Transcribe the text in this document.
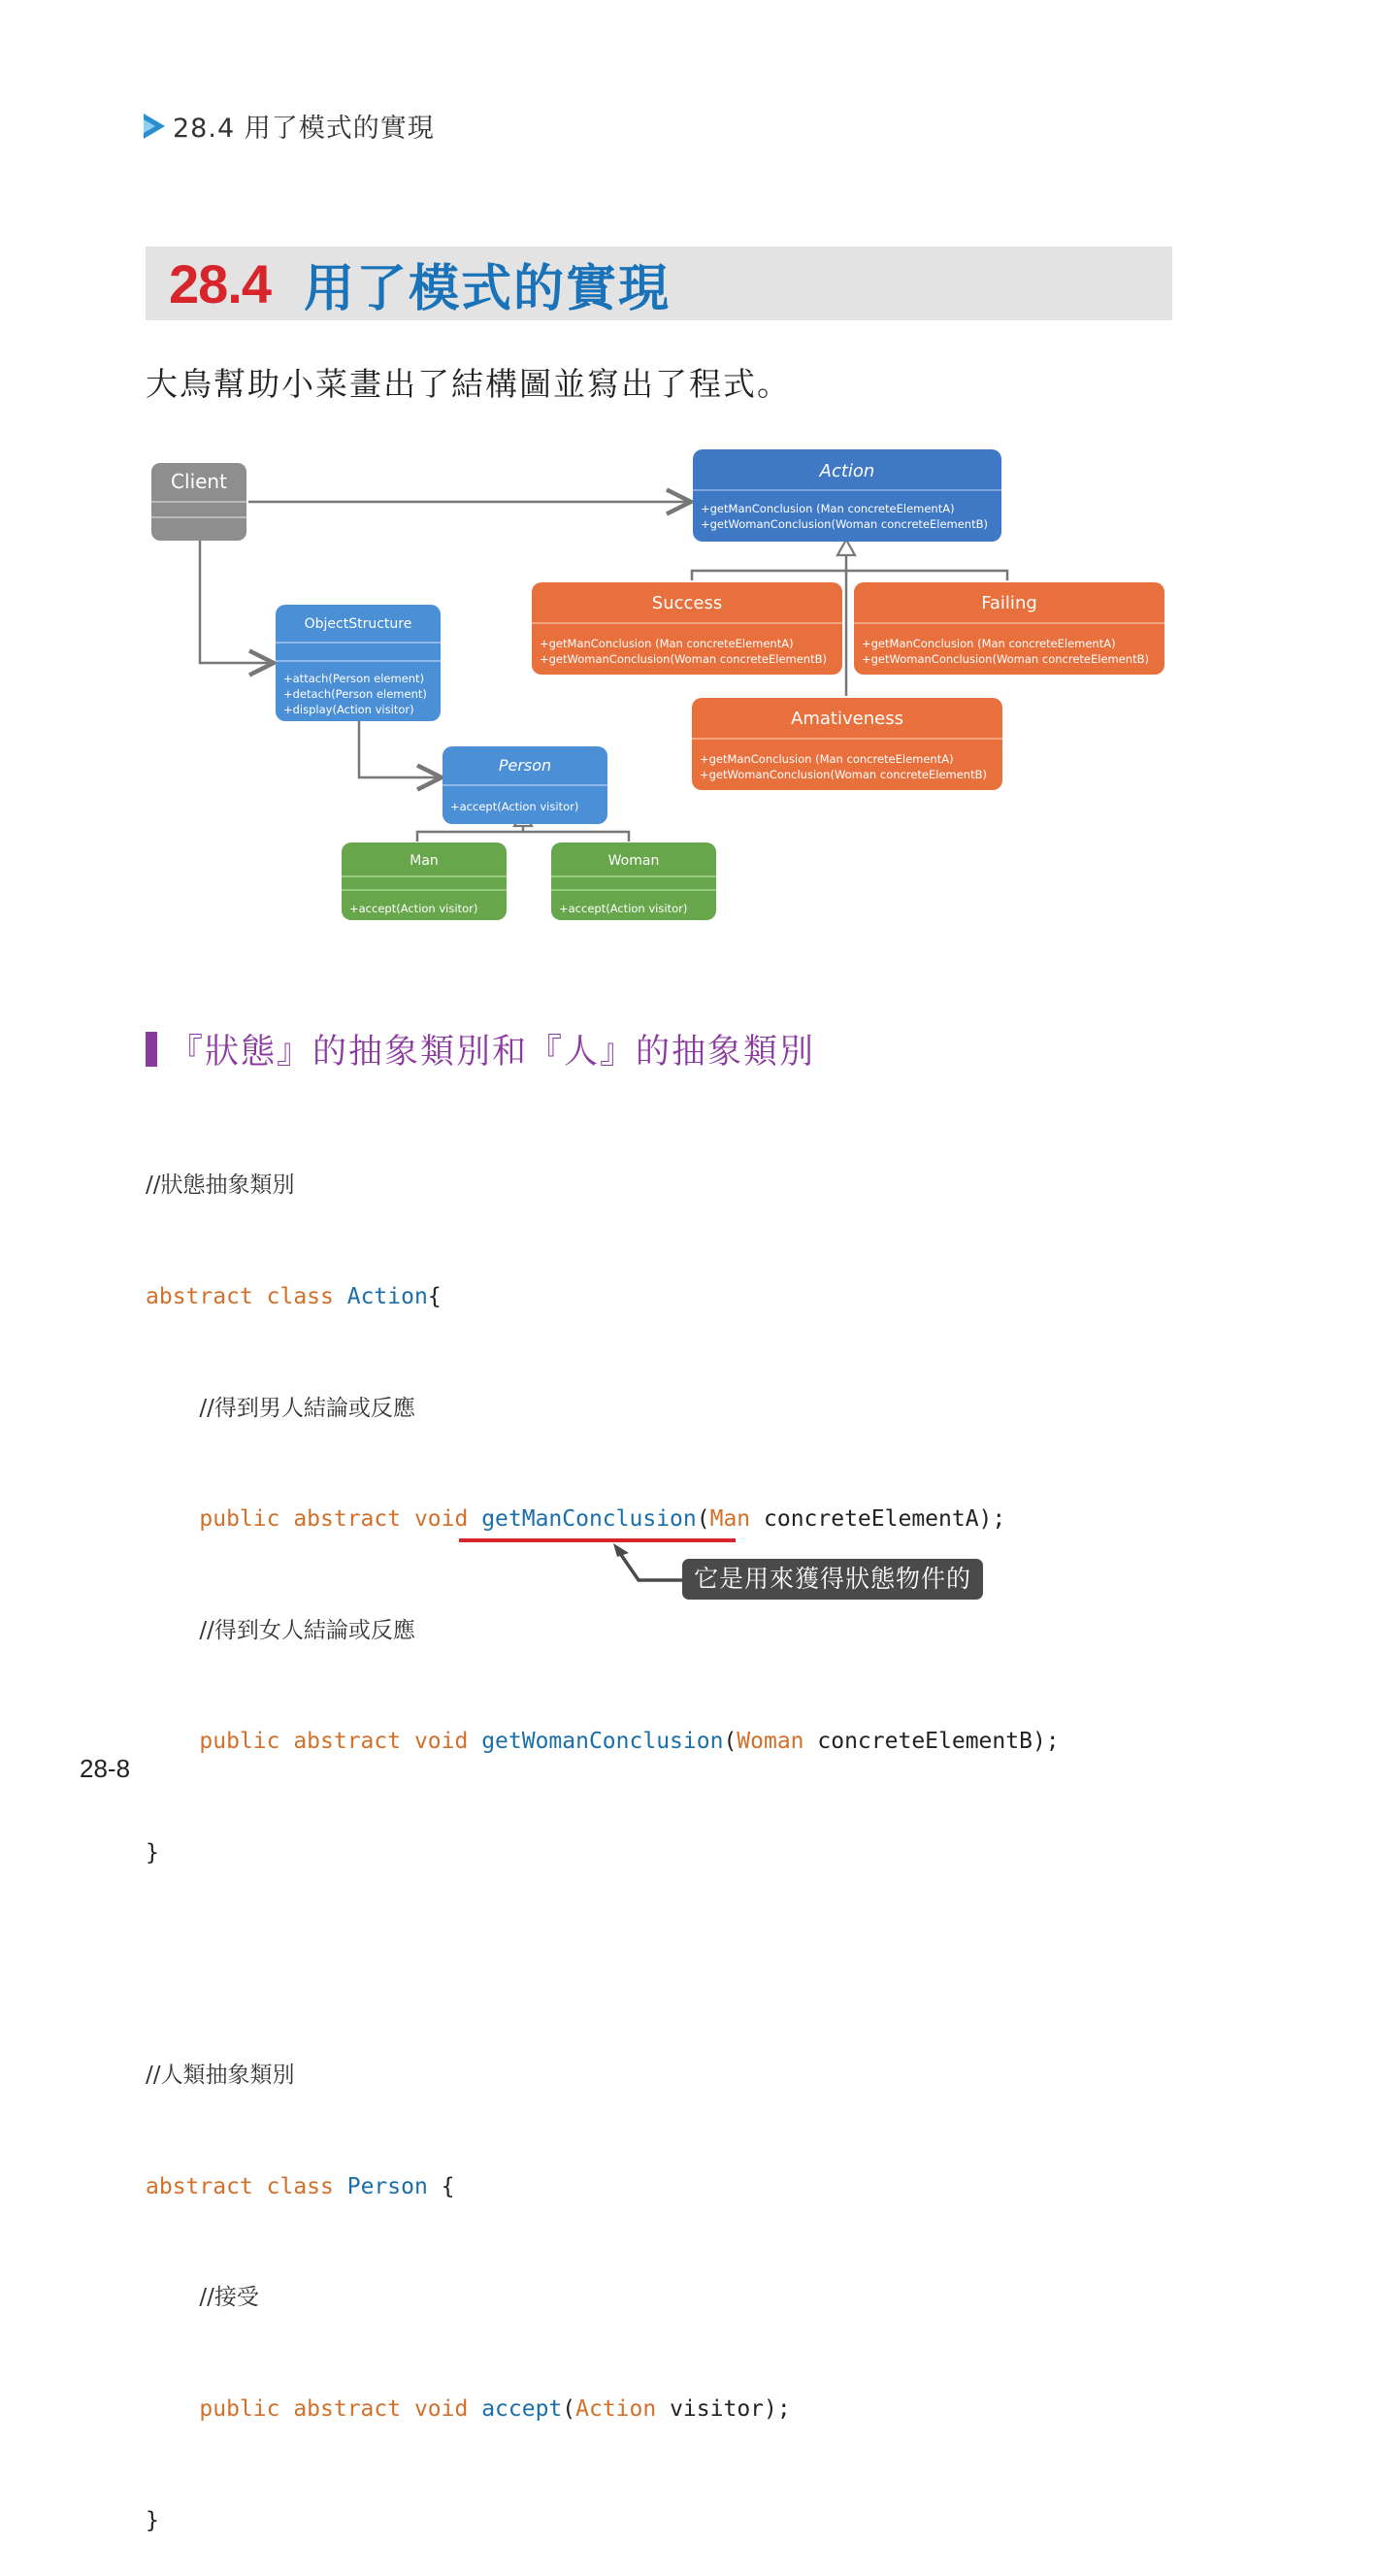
28.4 用了模式的實現
28.4 用了模式的實現
大鳥幫助小菜畫出了結構圖並寫出了程式。
Client	Action
+getManConclusion (Man concreteElementA)
+getWomanConclusion(Woman concreteElementB)
Success
+getManConclusion (Man concreteElementA)
+getWomanConclusion(Woman concreteElementB)
Failing
+getManConclusion (Man concreteElementA)
+getWomanConclusion(Woman concreteElementB)
Amativeness
+getManConclusion (Man concreteElementA)
+getWomanConclusion(Woman concreteElementB)
ObjectStructure
+attach(Person element)
+detach(Person element)
+display(Action visitor)
Person
+accept(Action visitor)
Man
+accept(Action visitor)
Woman
+accept(Action visitor)
『狀態』的抽象類別和『人』的抽象類別

//狀態抽象類別

abstract class Action{

//得到男人結論或反應

public abstract void getManConclusion(Man concreteElementA);

//得到女人結論或反應

public abstract void getWomanConclusion(Woman concreteElementB);

}

//人類抽象類別

abstract class Person {

//接受

public abstract void accept(Action visitor);

}

它是用來獲得狀態物件的
28-8
